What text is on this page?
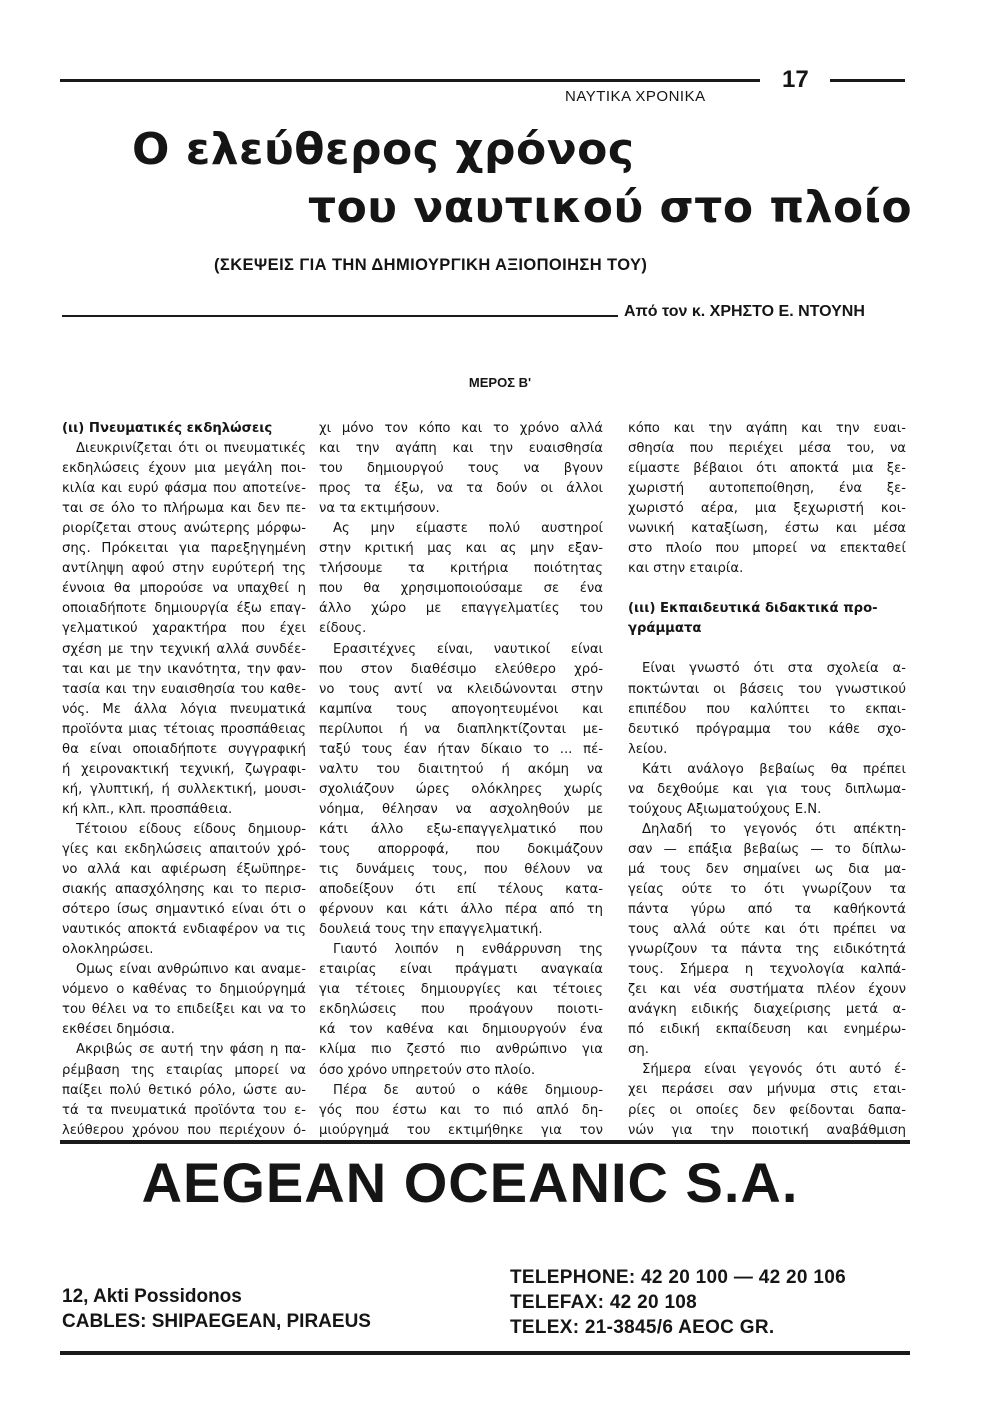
17
ΝΑΥΤΙΚΑ ΧΡΟΝΙΚΑ
Ο ελεύθερος χρόνος
του ναυτικού στο πλοίο
(ΣΚΕΨΕΙΣ ΓΙΑ ΤΗΝ ΔΗΜΙΟΥΡΓΙΚΗ ΑΞΙΟΠΟΙΗΣΗ ΤΟΥ)
Από τον κ. ΧΡΗΣΤΟ Ε. ΝΤΟΥΝΗ
ΜΕΡΟΣ Β'
(ιι) Πνευματικές εκδηλώσεις
Διευκρινίζεται ότι οι πνευματικές
εκδηλώσεις έχουν μια μεγάλη ποι-
κιλία και ευρύ φάσμα που αποτείνε-
ται σε όλο το πλήρωμα και δεν πε-
ριορίζεται στους ανώτερης μόρφω-
σης. Πρόκειται για παρεξηγημένη
αντίληψη αφού στην ευρύτερή της
έννοια θα μπορούσε να υπαχθεί η
οποιαδήποτε δημιουργία έξω επαγ-
γελματικού χαρακτήρα που έχει
σχέση με την τεχνική αλλά συνδέε-
ται και με την ικανότητα, την φαν-
τασία και την ευαισθησία του καθε-
νός. Με άλλα λόγια πνευματικά
προϊόντα μιας τέτοιας προσπάθειας
θα είναι οποιαδήποτε συγγραφική
ή χειρονακτική τεχνική, ζωγραφι-
κή, γλυπτική, ή συλλεκτική, μουσι-
κή κλπ., κλπ. προσπάθεια.
Τέτοιου είδους είδους δημιουρ-
γίες και εκδηλώσεις απαιτούν χρό-
νο αλλά και αφιέρωση έξωϋπηρε-
σιακής απασχόλησης και το περισ-
σότερο ίσως σημαντικό είναι ότι ο
ναυτικός αποκτά ενδιαφέρον να τις
ολοκληρώσει.
Ομως είναι ανθρώπινο και αναμε-
νόμενο ο καθένας το δημιούργημά
του θέλει να το επιδείξει και να το
εκθέσει δημόσια.
Ακριβώς σε αυτή την φάση η πα-
ρέμβαση της εταιρίας μπορεί να
παίξει πολύ θετικό ρόλο, ώστε αυ-
τά τα πνευματικά προϊόντα του ε-
λεύθερου χρόνου που περιέχουν ό-
χι μόνο τον κόπο και το χρόνο αλλά
και την αγάπη και την ευαισθησία
του δημιουργού τους να βγουν
προς τα έξω, να τα δούν οι άλλοι
να τα εκτιμήσουν.
Ας μην είμαστε πολύ αυστηροί
στην κριτική μας και ας μην εξαν-
τλήσουμε τα κριτήρια ποιότητας
που θα χρησιμοποιούσαμε σε ένα
άλλο χώρο με επαγγελματίες του
είδους.
Ερασιτέχνες είναι, ναυτικοί είναι
που στον διαθέσιμο ελεύθερο χρό-
νο τους αντί να κλειδώνονται στην
καμπίνα τους απογοητευμένοι και
περίλυποι ή να διαπληκτίζονται με-
ταξύ τους έαν ήταν δίκαιο το ... πέ-
ναλτυ του διαιτητού ή ακόμη να
σχολιάζουν ώρες ολόκληρες χωρίς
νόημα, θέλησαν να ασχοληθούν με
κάτι άλλο εξω-επαγγελματικό που
τους απορροφά, που δοκιμάζουν
τις δυνάμεις τους, που θέλουν να
αποδείξουν ότι επί τέλους κατα-
φέρνουν και κάτι άλλο πέρα από τη
δουλειά τους την επαγγελματική.
Γιαυτό λοιπόν η ενθάρρυνση της
εταιρίας είναι πράγματι αναγκαία
για τέτοιες δημιουργίες και τέτοιες
εκδηλώσεις που προάγουν ποιοτι-
κά τον καθένα και δημιουργούν ένα
κλίμα πιο ζεστό πιο ανθρώπινο για
όσο χρόνο υπηρετούν στο πλοίο.
Πέρα δε αυτού ο κάθε δημιουρ-
γός που έστω και το πιό απλό δη-
μιούργημά του εκτιμήθηκε για τον
κόπο και την αγάπη και την ευαι-
σθησία που περιέχει μέσα του, να
είμαστε βέβαιοι ότι αποκτά μια ξε-
χωριστή αυτοπεποίθηση, ένα ξε-
χωριστό αέρα, μια ξεχωριστή κοι-
νωνική καταξίωση, έστω και μέσα
στο πλοίο που μπορεί να επεκταθεί
και στην εταιρία.
(ιιι) Εκπαιδευτικά διδακτικά προ-
γράμματα
Είναι γνωστό ότι στα σχολεία α-
ποκτώνται οι βάσεις του γνωστικού
επιπέδου που καλύπτει το εκπαι-
δευτικό πρόγραμμα του κάθε σχο-
λείου.
Κάτι ανάλογο βεβαίως θα πρέπει
να δεχθούμε και για τους διπλωμα-
τούχους Αξιωματούχους Ε.Ν.
Δηλαδή το γεγονός ότι απέκτη-
σαν — επάξια βεβαίως — το δίπλω-
μά τους δεν σημαίνει ως δια μα-
γείας ούτε το ότι γνωρίζουν τα
πάντα γύρω από τα καθήκοντά
τους αλλά ούτε και ότι πρέπει να
γνωρίζουν τα πάντα της ειδικότητά
τους. Σήμερα η τεχνολογία καλπά-
ζει και νέα συστήματα πλέον έχουν
ανάγκη ειδικής διαχείρισης μετά α-
πό ειδική εκπαίδευση και ενημέρω-
ση.
Σήμερα είναι γεγονός ότι αυτό έ-
χει περάσει σαν μήνυμα στις εται-
ρίες οι οποίες δεν φείδονται δαπα-
νών για την ποιοτική αναβάθμιση
AEGEAN OCEANIC S.A.
12, Akti Possidonos
CABLES: SHIPAEGEAN, PIRAEUS
TELEPHONE: 42 20 100 — 42 20 106
TELEFAX: 42 20 108
TELEX: 21-3845/6 AEOC GR.
